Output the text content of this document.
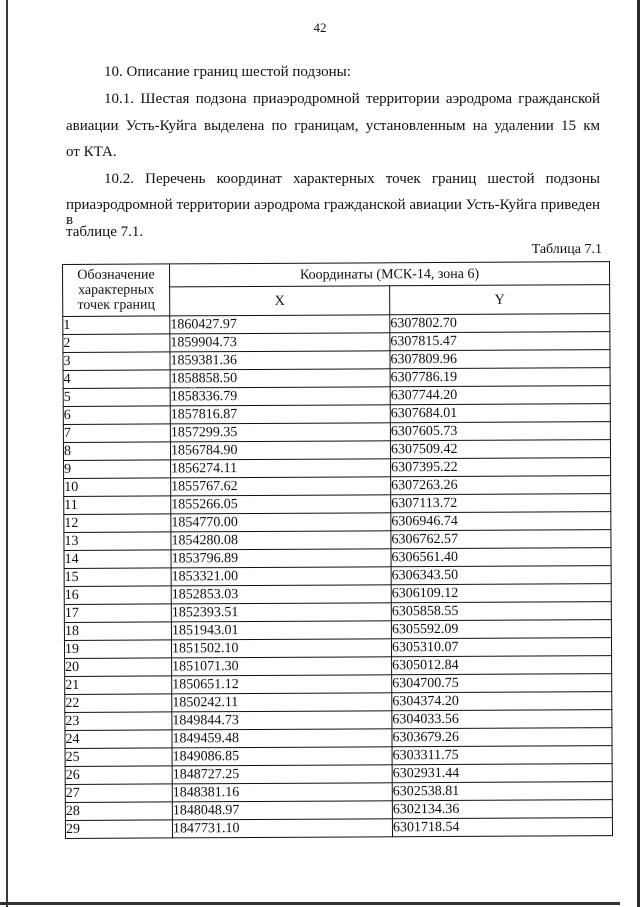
42
10. Описание границ шестой подзоны:
10.1. Шестая подзона приаэродромной территории аэродрома гражданской
авиации Усть-Куйга выделена по границам, установленным на удалении 15 км
от КТА.
10.2. Перечень координат характерных точек границ шестой подзоны
приаэродромной территории аэродрома гражданской авиации Усть-Куйга приведен в
таблице 7.1.
Таблица 7.1
Обозначение
характерных
точек границ	Координаты (МСК-14, зона 6)	
	X	Y
1	1860427.97	6307802.70
2	1859904.73	6307815.47
3	1859381.36	6307809.96
4	1858858.50	6307786.19
5	1858336.79	6307744.20
6	1857816.87	6307684.01
7	1857299.35	6307605.73
8	1856784.90	6307509.42
9	1856274.11	6307395.22
10	1855767.62	6307263.26
11	1855266.05	6307113.72
12	1854770.00	6306946.74
13	1854280.08	6306762.57
14	1853796.89	6306561.40
15	1853321.00	6306343.50
16	1852853.03	6306109.12
17	1852393.51	6305858.55
18	1851943.01	6305592.09
19	1851502.10	6305310.07
20	1851071.30	6305012.84
21	1850651.12	6304700.75
22	1850242.11	6304374.20
23	1849844.73	6304033.56
24	1849459.48	6303679.26
25	1849086.85	6303311.75
26	1848727.25	6302931.44
27	1848381.16	6302538.81
28	1848048.97	6302134.36
29	1847731.10	6301718.54
